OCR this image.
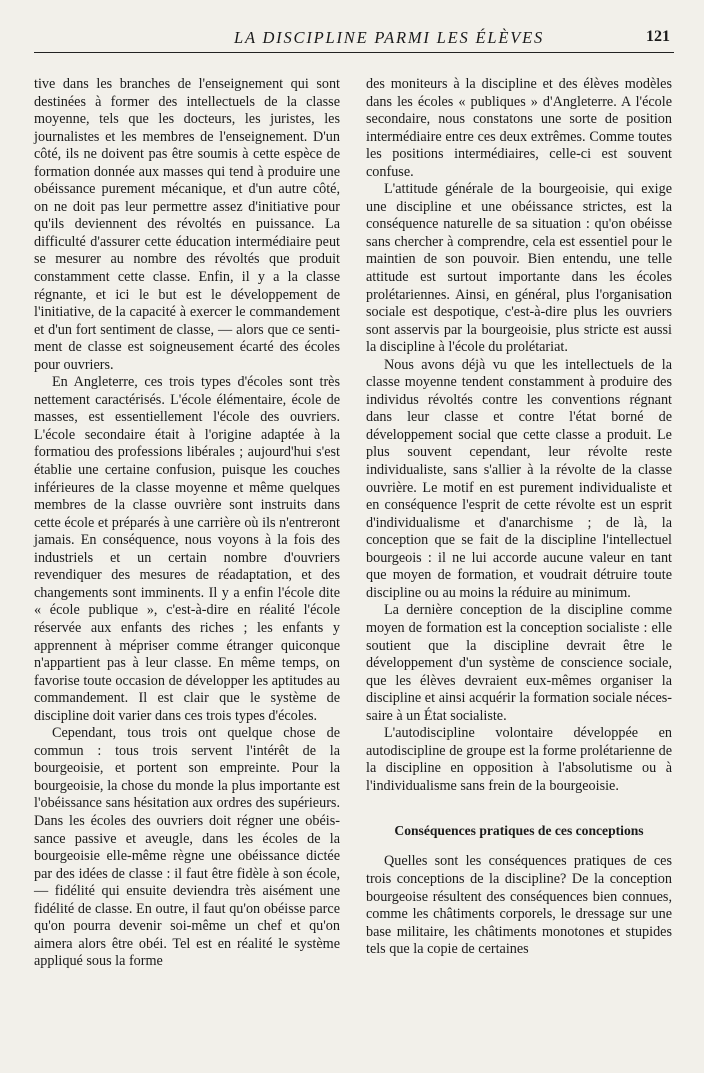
LA DISCIPLINE PARMI LES ÉLÈVES	121

tive dans les branches de l'enseignement qui sont destinées à former des intellectuels de la classe moyenne, tels que les docteurs, les juristes, les journalistes et les membres de l'enseignement. D'un côté, ils ne doivent pas être soumis à cette espèce de formation donnée aux masses qui tend à produire une obéissance purement mécanique, et d'un autre côté, on ne doit pas leur permettre assez d'initiative pour qu'ils deviennent des révoltés en puissance. La difficulté d'assurer cette éducation intermédiaire peut se mesurer au nombre des révoltés que produit constamment cette classe. Enfin, il y a la classe régnante, et ici le but est le développement de l'initiative, de la capacité à exercer le commandement et d'un fort sentiment de classe, — alors que ce sentiment de classe est soigneusement écarté des écoles pour ouvriers.

En Angleterre, ces trois types d'écoles sont très nettement caractérisés. L'école élémentaire, école de masses, est essentiellement l'école des ouvriers. L'école secondaire était à l'origine adaptée à la formatiou des professions libérales ; aujourd'hui s'est établie une certaine confusion, puisque les couches inférieures de la classe moyenne et même quelques membres de la classe ouvrière sont instruits dans cette école et préparés à une carrière où ils n'entreront jamais. En conséquence, nous voyons à la fois des industriels et un certain nombre d'ouvriers revendiquer des mesures de réadaptation, et des changements sont imminents. Il y a enfin l'école dite « école publique », c'est-à-dire en réalité l'école réservée aux enfants des riches ; les enfants y apprennent à mépriser comme étranger quiconque n'appartient pas à leur classe. En même temps, on favorise toute occasion de développer les aptitudes au commandement. Il est clair que le système de discipline doit varier dans ces trois types d'écoles.

Cependant, tous trois ont quelque chose de commun : tous trois servent l'intérêt de la bourgeoisie, et portent son empreinte. Pour la bourgeoisie, la chose du monde la plus importante est l'obéissance sans hésitation aux ordres des supérieurs. Dans les écoles des ouvriers doit régner une obéissance passive et aveugle, dans les écoles de la bourgeoisie elle-même règne une obéissance dictée par des idées de classe : il faut être fidèle à son école, — fidélité qui ensuite deviendra très aisément une fidélité de classe. En outre, il faut qu'on obéisse parce qu'on pourra devenir soi-même un chef et qu'on aimera alors être obéi. Tel est en réalité le système appliqué sous la forme

des moniteurs à la discipline et des élèves modèles dans les écoles « publiques » d'Angleterre. A l'école secondaire, nous constatons une sorte de position intermédiaire entre ces deux extrêmes. Comme toutes les positions intermédiaires, celle-ci est souvent confuse.

L'attitude générale de la bourgeoisie, qui exige une discipline et une obéissance strictes, est la conséquence naturelle de sa situation : qu'on obéisse sans chercher à comprendre, cela est essentiel pour le maintien de son pouvoir. Bien entendu, une telle attitude est surtout importante dans les écoles prolétariennes. Ainsi, en général, plus l'organisation sociale est despotique, c'est-à-dire plus les ouvriers sont asservis par la bourgeoisie, plus stricte est aussi la discipline à l'école du prolétariat.

Nous avons déjà vu que les intellectuels de la classe moyenne tendent constamment à produire des individus révoltés contre les conventions régnant dans leur classe et contre l'état borné de développement social que cette classe a produit. Le plus souvent cependant, leur révolte reste individualiste, sans s'allier à la révolte de la classe ouvrière. Le motif en est purement individualiste et en conséquence l'esprit de cette révolte est un esprit d'individualisme et d'anarchisme ; de là, la conception que se fait de la discipline l'intellectuel bourgeois : il ne lui accorde aucune valeur en tant que moyen de formation, et voudrait détruire toute discipline ou au moins la réduire au minimum.

La dernière conception de la discipline comme moyen de formation est la conception socialiste : elle soutient que la discipline devrait être le développement d'un système de conscience sociale, que les élèves devraient eux-mêmes organiser la discipline et ainsi acquérir la formation sociale nécessaire à un État socialiste.

L'autodiscipline volontaire développée en autodiscipline de groupe est la forme prolétarienne de la discipline en opposition à l'absolutisme ou à l'individualisme sans frein de la bourgeoisie.

Conséquences pratiques de ces conceptions

Quelles sont les conséquences pratiques de ces trois conceptions de la discipline? De la conception bourgeoise résultent des conséquences bien connues, comme les châtiments corporels, le dressage sur une base militaire, les châtiments monotones et stupides tels que la copie de certaines
